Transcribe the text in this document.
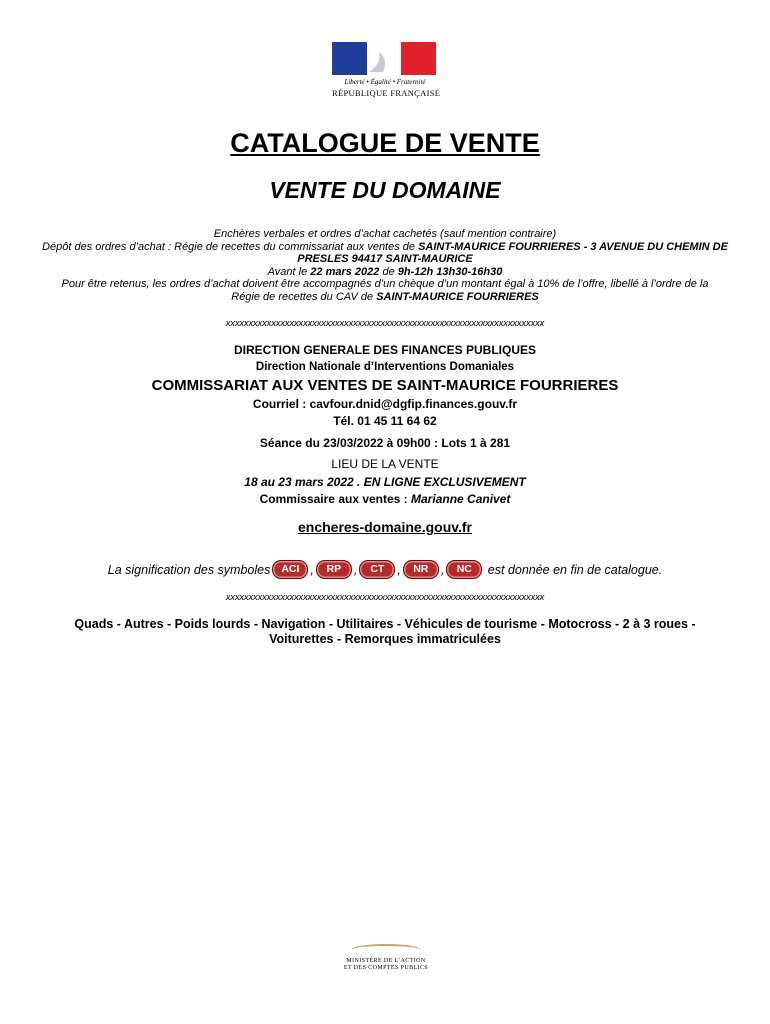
Liberté • Égalité • Fraternité
RÉPUBLIQUE FRANÇAISE
CATALOGUE DE VENTE
VENTE DU DOMAINE
Enchères verbales et ordres d’achat cachetés (sauf mention contraire)
Dépôt des ordres d’achat : Régie de recettes du commissariat aux ventes de SAINT-MAURICE FOURRIERES - 3 AVENUE DU CHEMIN DE PRESLES 94417 SAINT-MAURICE
Avant le 22 mars 2022 de 9h-12h 13h30-16h30
Pour être retenus, les ordres d’achat doivent être accompagnés d’un chèque d’un montant égal à 10% de l’offre, libellé à l’ordre de la Régie de recettes du CAV de SAINT-MAURICE FOURRIERES
xxxxxxxxxxxxxxxxxxxxxxxxxxxxxxxxxxxxxxxxxxxxxxxxxxxxxxxxxxxxxxxxxxxxxx
DIRECTION GENERALE DES FINANCES PUBLIQUES
Direction Nationale d’Interventions Domaniales
COMMISSARIAT AUX VENTES DE SAINT-MAURICE FOURRIERES
Courriel : cavfour.dnid@dgfip.finances.gouv.fr
Tél. 01 45 11 64 62
Séance du 23/03/2022 à 09h00 : Lots 1 à 281
LIEU DE LA VENTE
18 au 23 mars 2022 . EN LIGNE EXCLUSIVEMENT
Commissaire aux ventes : Marianne Canivet
encheres-domaine.gouv.fr
La signification des symboles	ACI ,	RP	,	CT	,	NR ,	NC est donnée en fin de catalogue.
xxxxxxxxxxxxxxxxxxxxxxxxxxxxxxxxxxxxxxxxxxxxxxxxxxxxxxxxxxxxxxxxxxxxxx
Quads - Autres - Poids lourds - Navigation - Utilitaires - Véhicules de tourisme - Motocross - 2 à 3 roues - Voiturettes - Remorques immatriculées
MINISTÈRE DE L’ACTION
ET DES COMPTES PUBLICS
